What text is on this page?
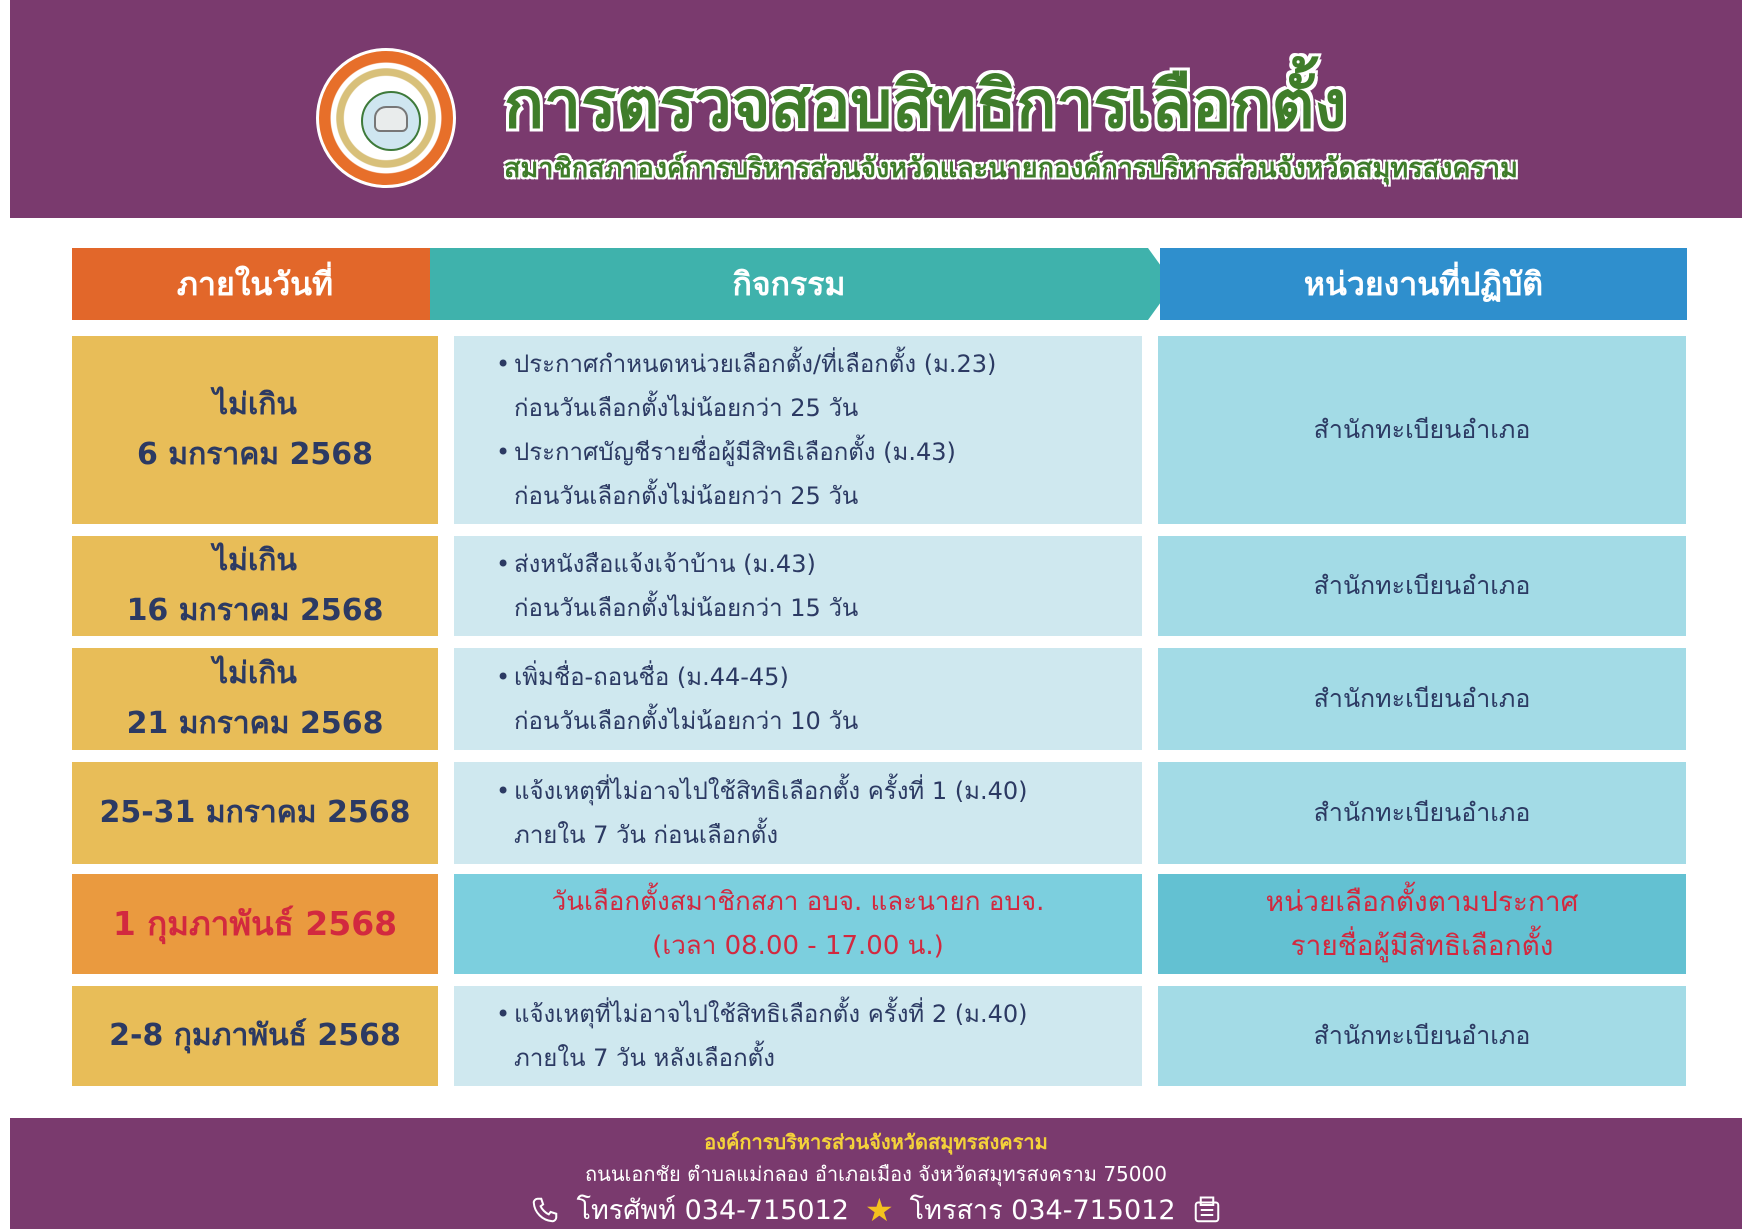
การตรวจสอบสิทธิการเลือกตั้ง
สมาชิกสภาองค์การบริหารส่วนจังหวัดและนายกองค์การบริหารส่วนจังหวัดสมุทรสงคราม
ภายในวันที่	กิจกรรม	หน่วยงานที่ปฏิบัติ
ไม่เกิน
6 มกราคม 2568
• ประกาศกำหนดหน่วยเลือกตั้ง/ที่เลือกตั้ง (ม.23)
ก่อนวันเลือกตั้งไม่น้อยกว่า 25 วัน
• ประกาศบัญชีรายชื่อผู้มีสิทธิเลือกตั้ง (ม.43)
ก่อนวันเลือกตั้งไม่น้อยกว่า 25 วัน
สำนักทะเบียนอำเภอ
ไม่เกิน
16 มกราคม 2568
• ส่งหนังสือแจ้งเจ้าบ้าน (ม.43)
ก่อนวันเลือกตั้งไม่น้อยกว่า 15 วัน
สำนักทะเบียนอำเภอ
ไม่เกิน
21 มกราคม 2568
• เพิ่มชื่อ-ถอนชื่อ (ม.44-45)
ก่อนวันเลือกตั้งไม่น้อยกว่า 10 วัน
สำนักทะเบียนอำเภอ
25-31 มกราคม 2568
• แจ้งเหตุที่ไม่อาจไปใช้สิทธิเลือกตั้ง ครั้งที่ 1 (ม.40)
ภายใน 7 วัน ก่อนเลือกตั้ง
สำนักทะเบียนอำเภอ
1 กุมภาพันธ์ 2568
วันเลือกตั้งสมาชิกสภา อบจ. และนายก อบจ.
(เวลา 08.00 - 17.00 น.)
หน่วยเลือกตั้งตามประกาศ
รายชื่อผู้มีสิทธิเลือกตั้ง
2-8 กุมภาพันธ์ 2568
• แจ้งเหตุที่ไม่อาจไปใช้สิทธิเลือกตั้ง ครั้งที่ 2 (ม.40)
ภายใน 7 วัน หลังเลือกตั้ง
สำนักทะเบียนอำเภอ
องค์การบริหารส่วนจังหวัดสมุทรสงคราม
ถนนเอกชัย ตำบลแม่กลอง อำเภอเมือง จังหวัดสมุทรสงคราม 75000
โทรศัพท์ 034-715012 ★ โทรสาร 034-715012
